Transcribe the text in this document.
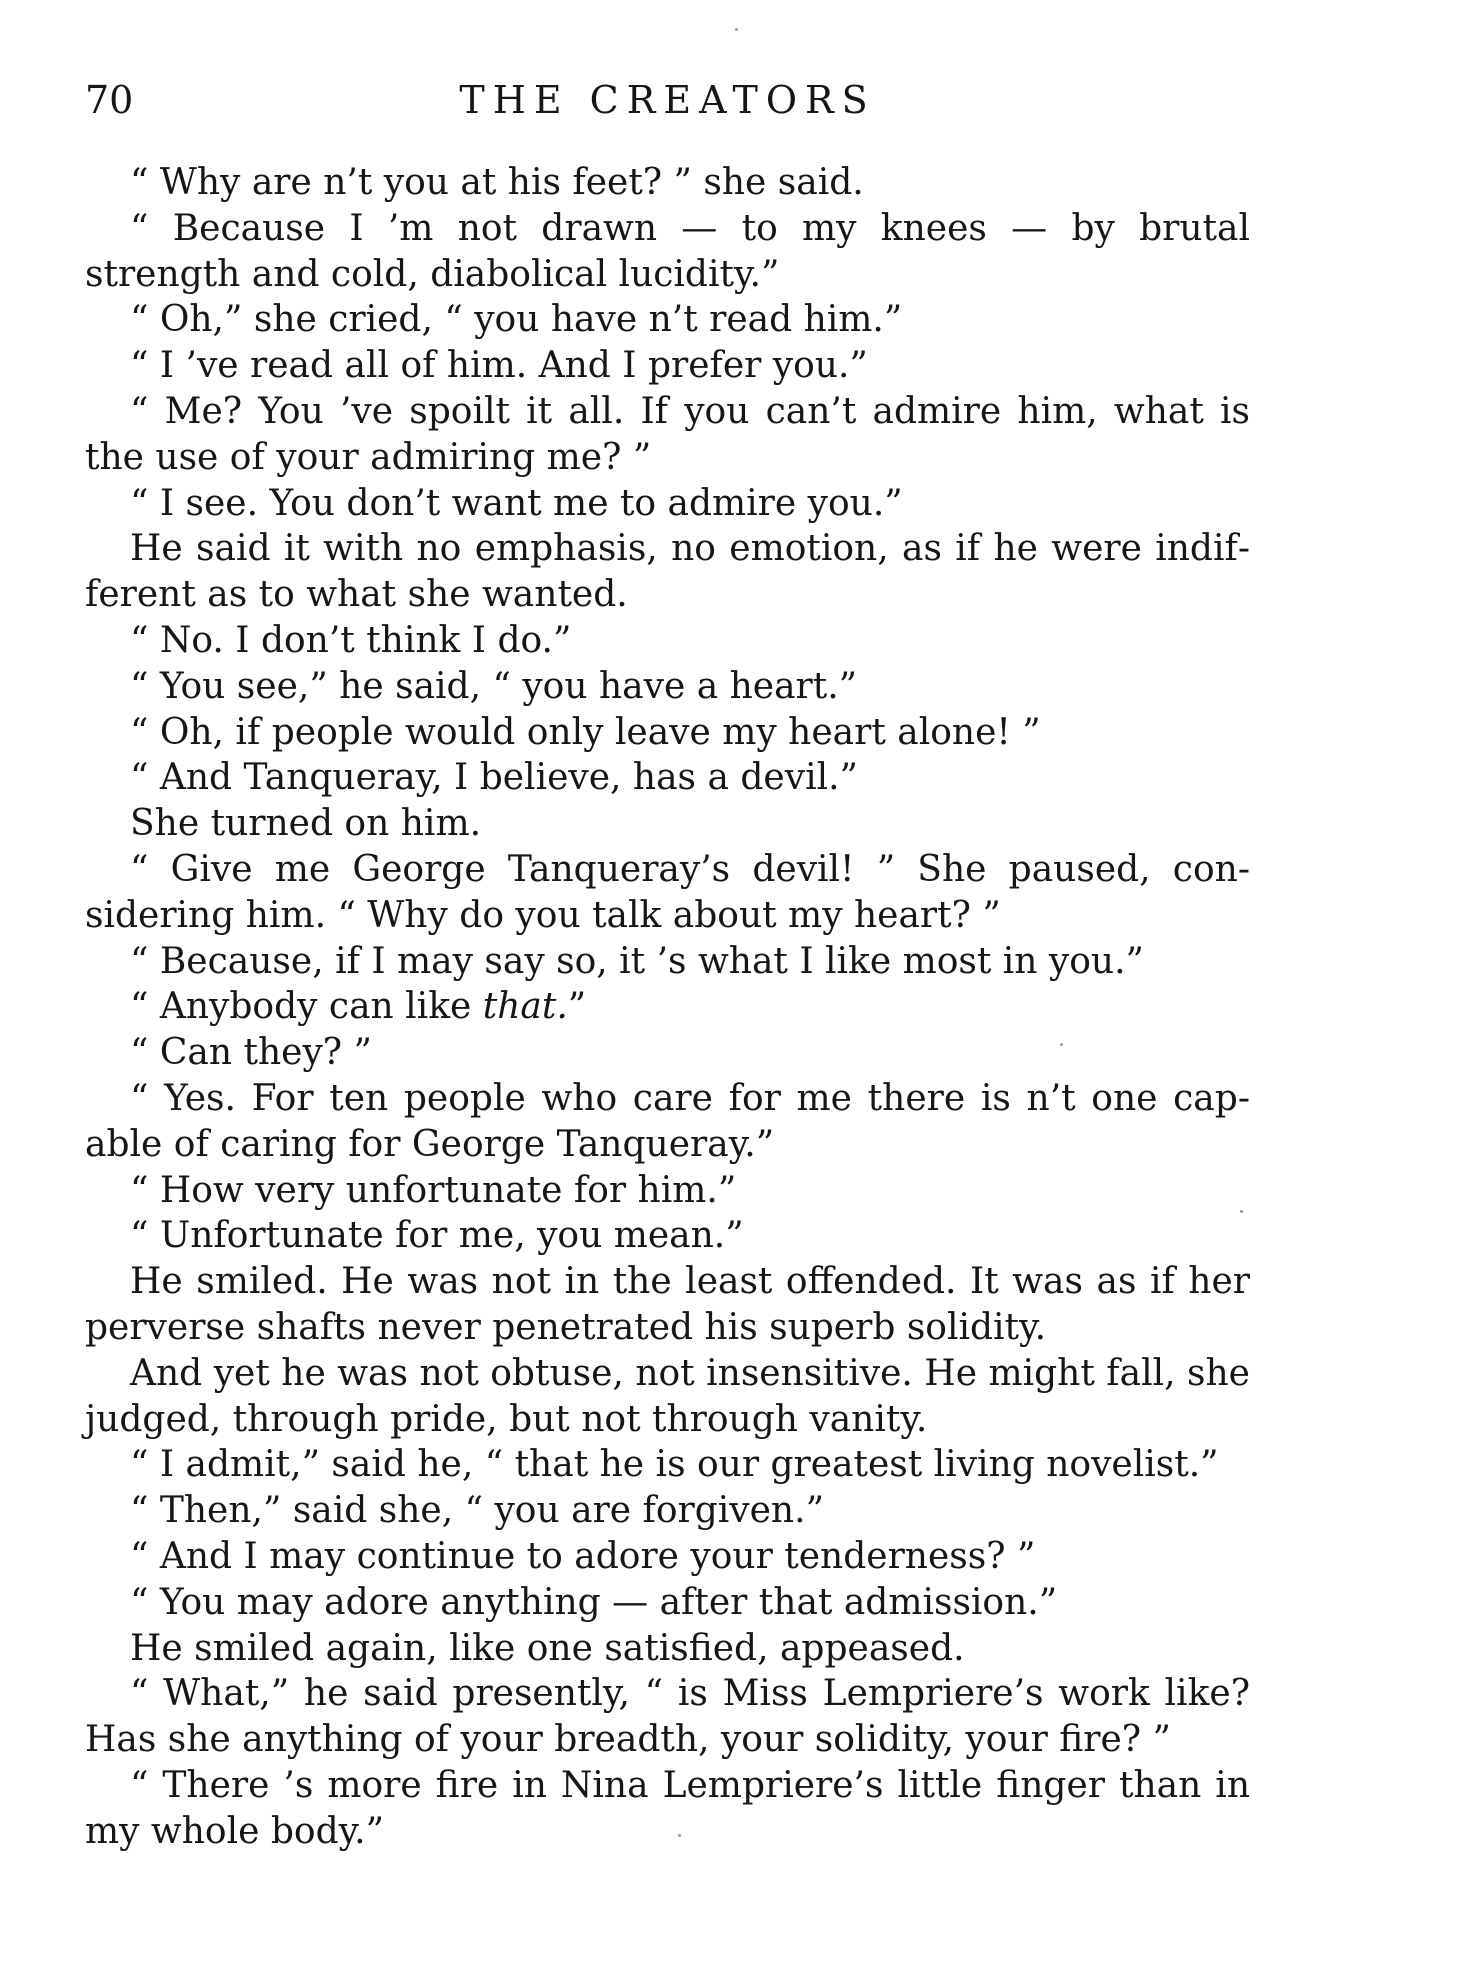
70	THE CREATORS

“ Why are n’t you at his feet? ” she said.

“ Because I ’m not drawn — to my knees — by brutal strength and cold, diabolical lucidity.”

“ Oh,” she cried, “ you have n’t read him.”

“ I ’ve read all of him. And I prefer you.”

“ Me? You ’ve spoilt it all. If you can’t admire him, what is the use of your admiring me? ”

“ I see. You don’t want me to admire you.”

He said it with no emphasis, no emotion, as if he were indifferent as to what she wanted.

“ No. I don’t think I do.”

“ You see,” he said, “ you have a heart.”

“ Oh, if people would only leave my heart alone! ”

“ And Tanqueray, I believe, has a devil.”

She turned on him.

“ Give me George Tanqueray’s devil! ” She paused, considering him. “ Why do you talk about my heart? ”

“ Because, if I may say so, it ’s what I like most in you.”

“ Anybody can like that.”

“ Can they? ”

“ Yes. For ten people who care for me there is n’t one capable of caring for George Tanqueray.”

“ How very unfortunate for him.”

“ Unfortunate for me, you mean.”

He smiled. He was not in the least offended. It was as if her perverse shafts never penetrated his superb solidity.

And yet he was not obtuse, not insensitive. He might fall, she judged, through pride, but not through vanity.

“ I admit,” said he, “ that he is our greatest living novelist.”

“ Then,” said she, “ you are forgiven.”

“ And I may continue to adore your tenderness? ”

“ You may adore anything — after that admission.”

He smiled again, like one satisfied, appeased.

“ What,” he said presently, “ is Miss Lempriere’s work like? Has she anything of your breadth, your solidity, your fire? ”

“ There ’s more fire in Nina Lempriere’s little finger than in my whole body.”
